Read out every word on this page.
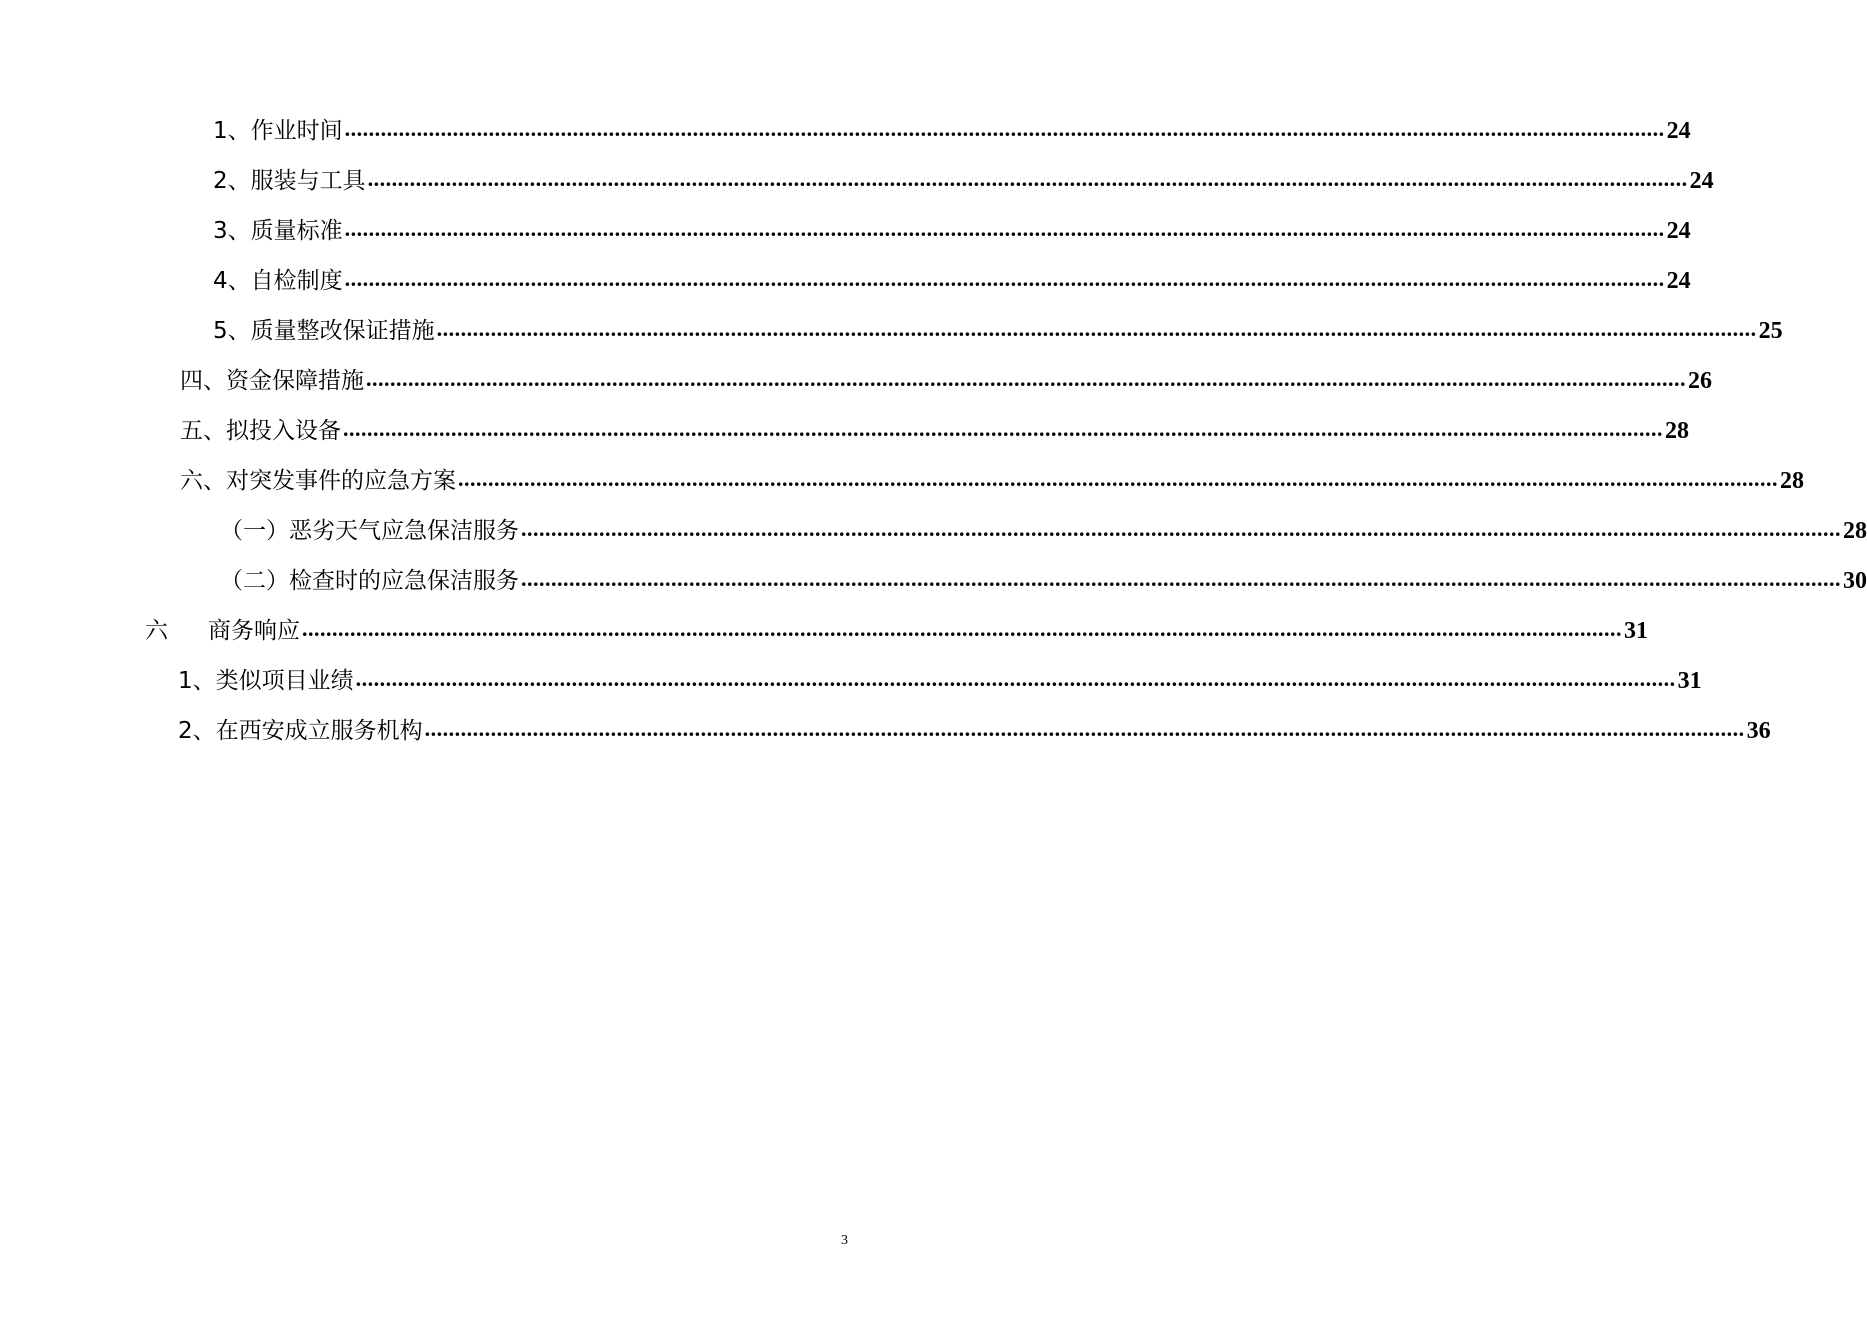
1、作业时间 ............................................................................................................................................................................................................................ 24
2、服装与工具 ............................................................................................................................................................................................................................ 24
3、质量标准 ............................................................................................................................................................................................................................ 24
4、自检制度 ............................................................................................................................................................................................................................ 24
5、质量整改保证措施 ............................................................................................................................................................................................................................ 25
四、资金保障措施 ............................................................................................................................................................................................................................ 26
五、拟投入设备 ............................................................................................................................................................................................................................ 28
六、对突发事件的应急方案 ............................................................................................................................................................................................................................ 28
（一）恶劣天气应急保洁服务 ............................................................................................................................................................................................................................ 28
（二）检查时的应急保洁服务 ............................................................................................................................................................................................................................ 30
六 商务响应 ............................................................................................................................................................................................................................ 31
1、类似项目业绩 ............................................................................................................................................................................................................................ 31
2、在西安成立服务机构 ............................................................................................................................................................................................................................ 36
3
